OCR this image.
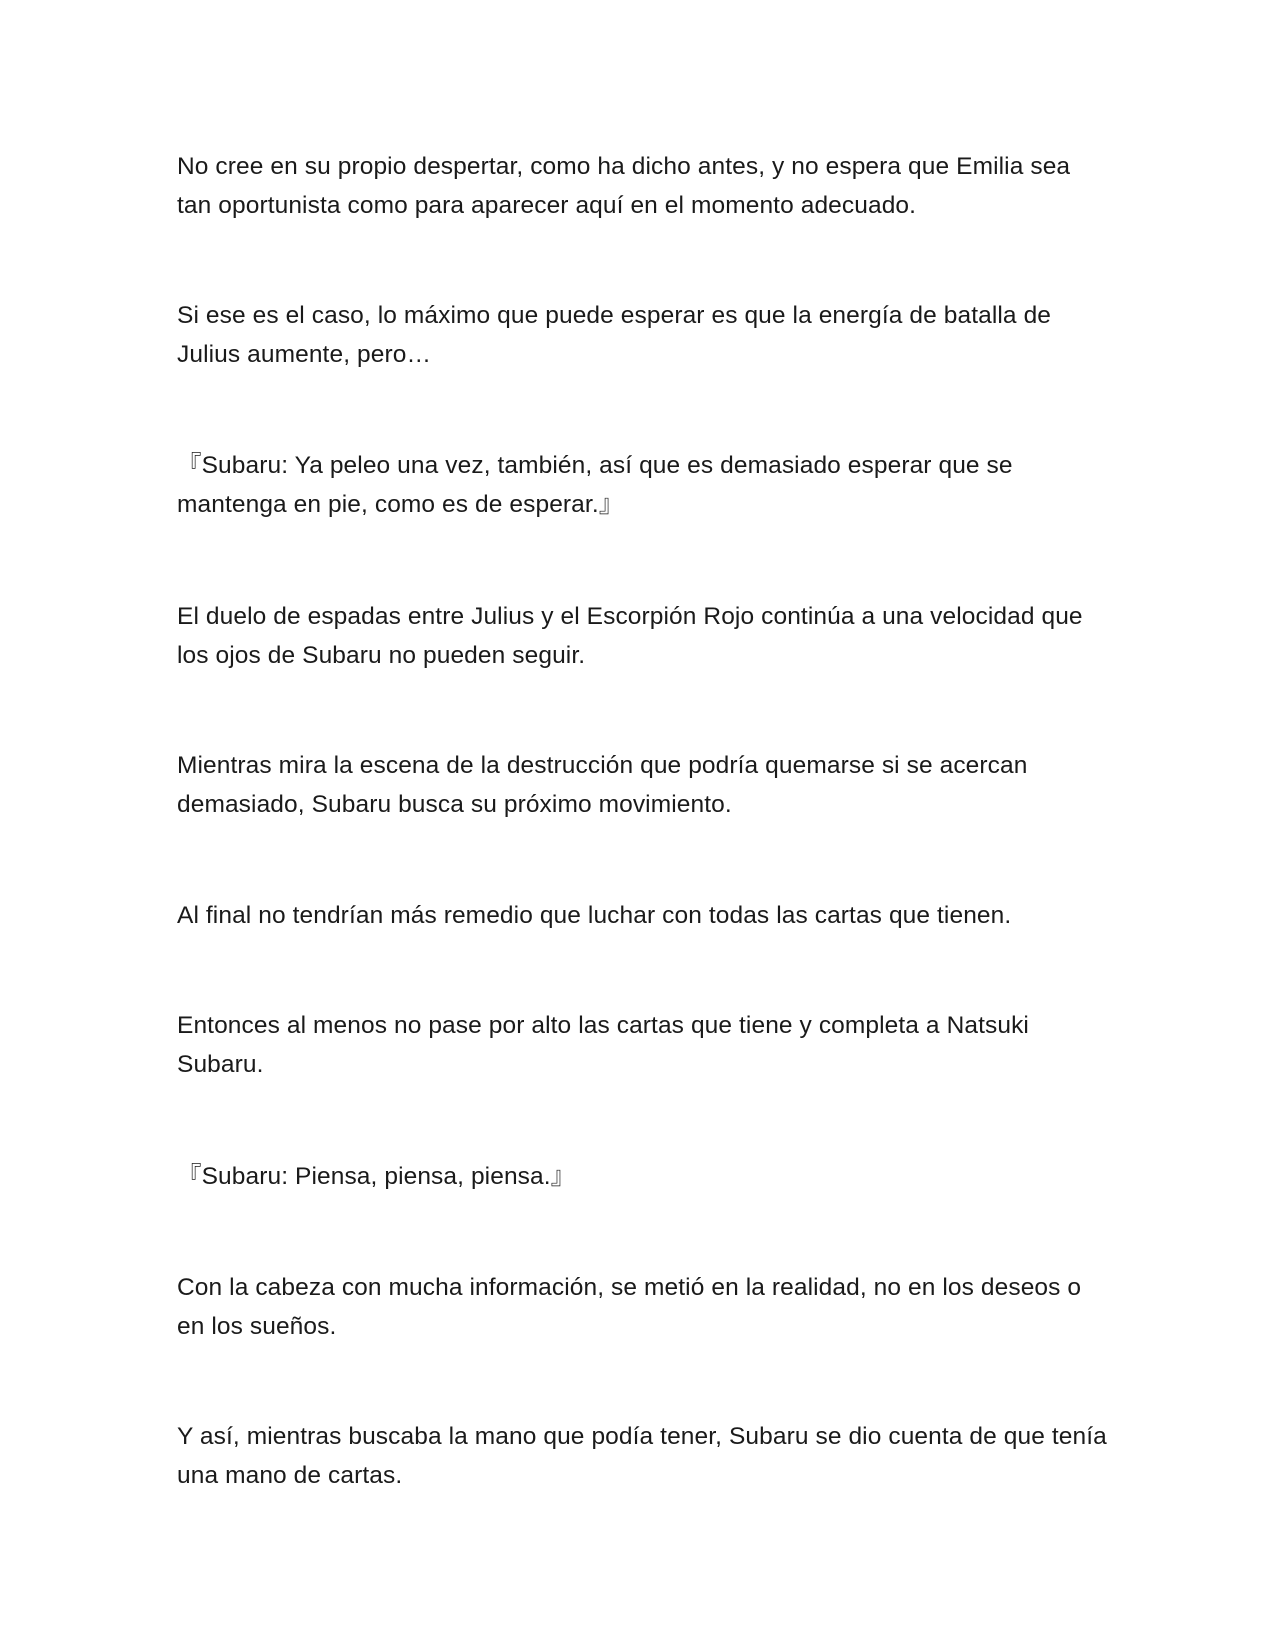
No cree en su propio despertar, como ha dicho antes, y no espera que Emilia sea tan oportunista como para aparecer aquí en el momento adecuado.

Si ese es el caso, lo máximo que puede esperar es que la energía de batalla de Julius aumente, pero…

『Subaru: Ya peleo una vez, también, así que es demasiado esperar que se mantenga en pie, como es de esperar.』

El duelo de espadas entre Julius y el Escorpión Rojo continúa a una velocidad que los ojos de Subaru no pueden seguir.

Mientras mira la escena de la destrucción que podría quemarse si se acercan demasiado, Subaru busca su próximo movimiento.

Al final no tendrían más remedio que luchar con todas las cartas que tienen.

Entonces al menos no pase por alto las cartas que tiene y completa a Natsuki Subaru.

『Subaru: Piensa, piensa, piensa.』

Con la cabeza con mucha información, se metió en la realidad, no en los deseos o en los sueños.

Y así, mientras buscaba la mano que podía tener, Subaru se dio cuenta de que tenía una mano de cartas.
